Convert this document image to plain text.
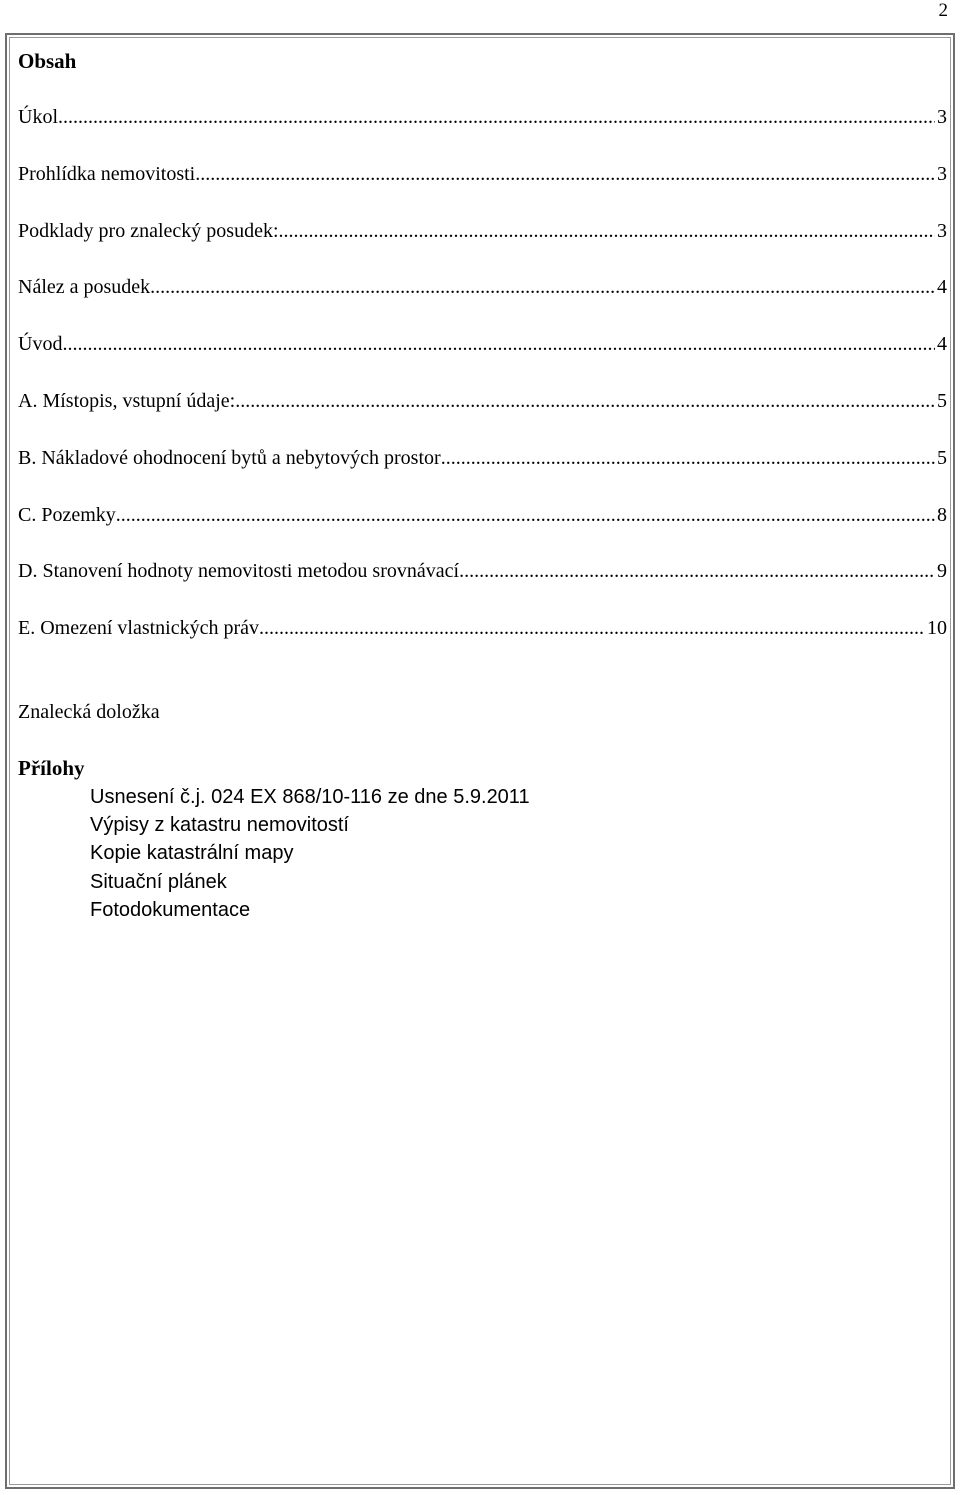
2
Obsah
Úkol .....	3
Prohlídka nemovitosti .....	3
Podklady pro znalecký posudek: .....	3
Nález a posudek .....	4
Úvod .....	4
A. Místopis, vstupní údaje: .....	5
B. Nákladové ohodnocení bytů a nebytových prostor .....	5
C. Pozemky .....	8
D. Stanovení hodnoty nemovitosti metodou srovnávací .....	9
E. Omezení vlastnických práv .....	10
Znalecká doložka
Přílohy
Usnesení č.j. 024 EX 868/10-116 ze dne 5.9.2011
Výpisy z katastru nemovitostí
Kopie katastrální mapy
Situační plánek
Fotodokumentace
